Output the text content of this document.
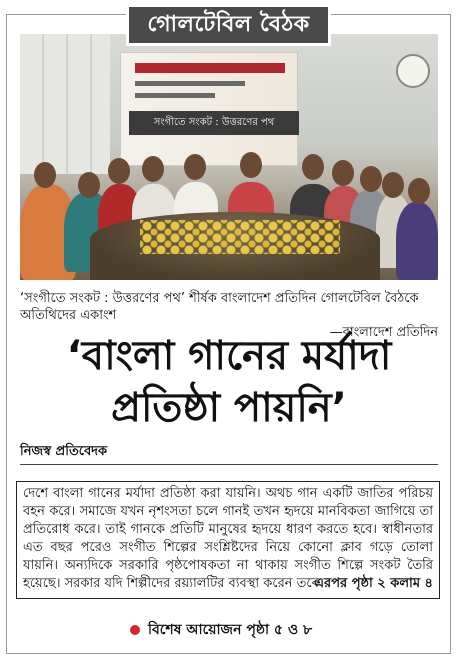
সংগীতে সংকট : উত্তরণের পথ
গোলটেবিল বৈঠক
‘সংগীতে সংকট : উত্তরণের পথ’ শীর্ষক বাংলাদেশ প্রতিদিন গোলটেবিল বৈঠকে অতিথিদের একাংশ
—বাংলাদেশ প্রতিদিন
‘বাংলা গানের মর্যাদা
প্রতিষ্ঠা পায়নি’
নিজস্ব প্রতিবেদক
দেশে বাংলা গানের মর্যাদা প্রতিষ্ঠা করা যায়নি। অথচ গান একটি জাতির পরিচয় বহন করে। সমাজে যখন নৃশংসতা চলে গানই তখন হৃদয়ে মানবিকতা জাগিয়ে তা প্রতিরোধ করে। তাই গানকে প্রতিটি মানুষের হৃদয়ে ধারণ করতে হবে। স্বাধীনতার এত বছর পরেও সংগীত শিল্পের সংশ্লিষ্টদের নিয়ে কোনো ক্লাব গড়ে তোলা যায়নি। অন্যদিকে সরকারি পৃষ্ঠপোষকতা না থাকায় সংগীত শিল্পে সংকট তৈরি হয়েছে। সরকার যদি শিল্পীদের রয়্যালটির ব্যবস্থা করেন তবে
এরপর পৃষ্ঠা ২ কলাম ৪
বিশেষ আয়োজন পৃষ্ঠা ৫ ও ৮
